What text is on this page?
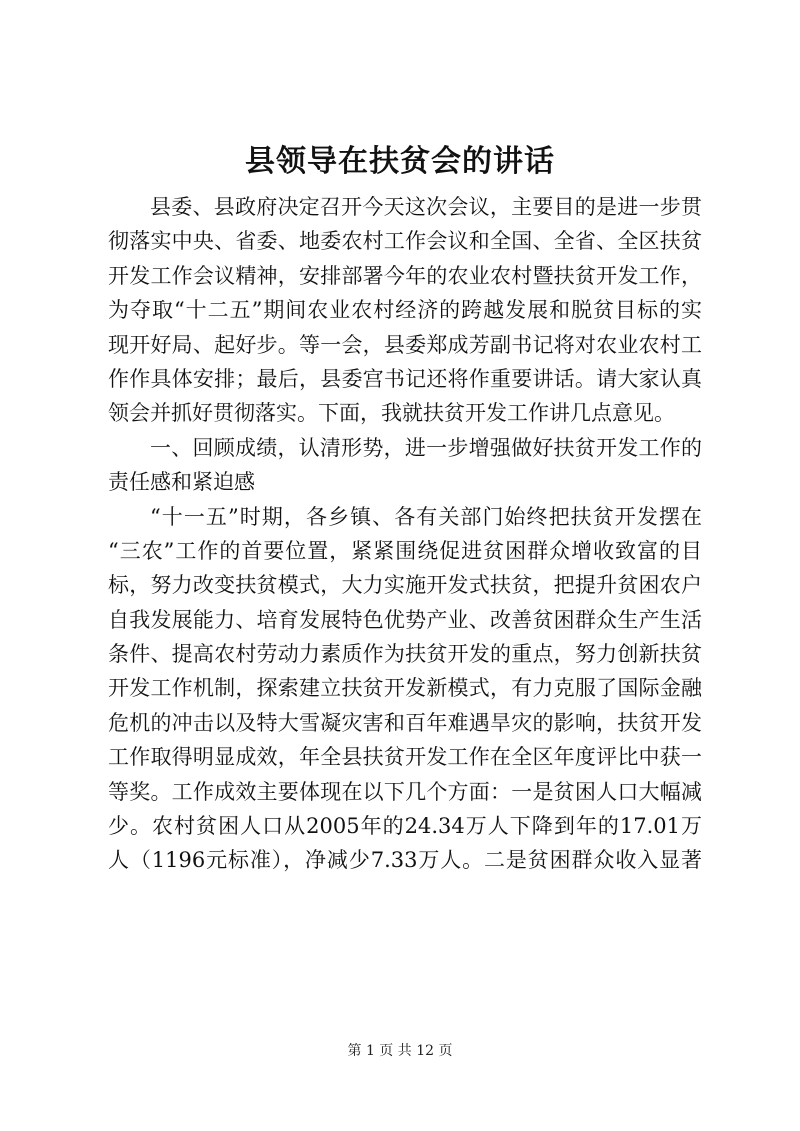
县领导在扶贫会的讲话
县委、县政府决定召开今天这次会议，主要目的是进一步贯
彻落实中央、省委、地委农村工作会议和全国、全省、全区扶贫
开发工作会议精神，安排部署今年的农业农村暨扶贫开发工作，
为夺取“十二五”期间农业农村经济的跨越发展和脱贫目标的实
现开好局、起好步。等一会，县委郑成芳副书记将对农业农村工
作作具体安排；最后，县委宫书记还将作重要讲话。请大家认真
领会并抓好贯彻落实。下面，我就扶贫开发工作讲几点意见。
一、回顾成绩，认清形势，进一步增强做好扶贫开发工作的
责任感和紧迫感
“十一五”时期，各乡镇、各有关部门始终把扶贫开发摆在
“三农”工作的首要位置，紧紧围绕促进贫困群众增收致富的目
标，努力改变扶贫模式，大力实施开发式扶贫，把提升贫困农户
自我发展能力、培育发展特色优势产业、改善贫困群众生产生活
条件、提高农村劳动力素质作为扶贫开发的重点，努力创新扶贫
开发工作机制，探索建立扶贫开发新模式，有力克服了国际金融
危机的冲击以及特大雪凝灾害和百年难遇旱灾的影响，扶贫开发
工作取得明显成效，年全县扶贫开发工作在全区年度评比中获一
等奖。工作成效主要体现在以下几个方面：一是贫困人口大幅减
少。农村贫困人口从2005年的24.34万人下降到年的17.01万
人（1196元标准），净减少7.33万人。二是贫困群众收入显著
第 1 页 共 12 页
